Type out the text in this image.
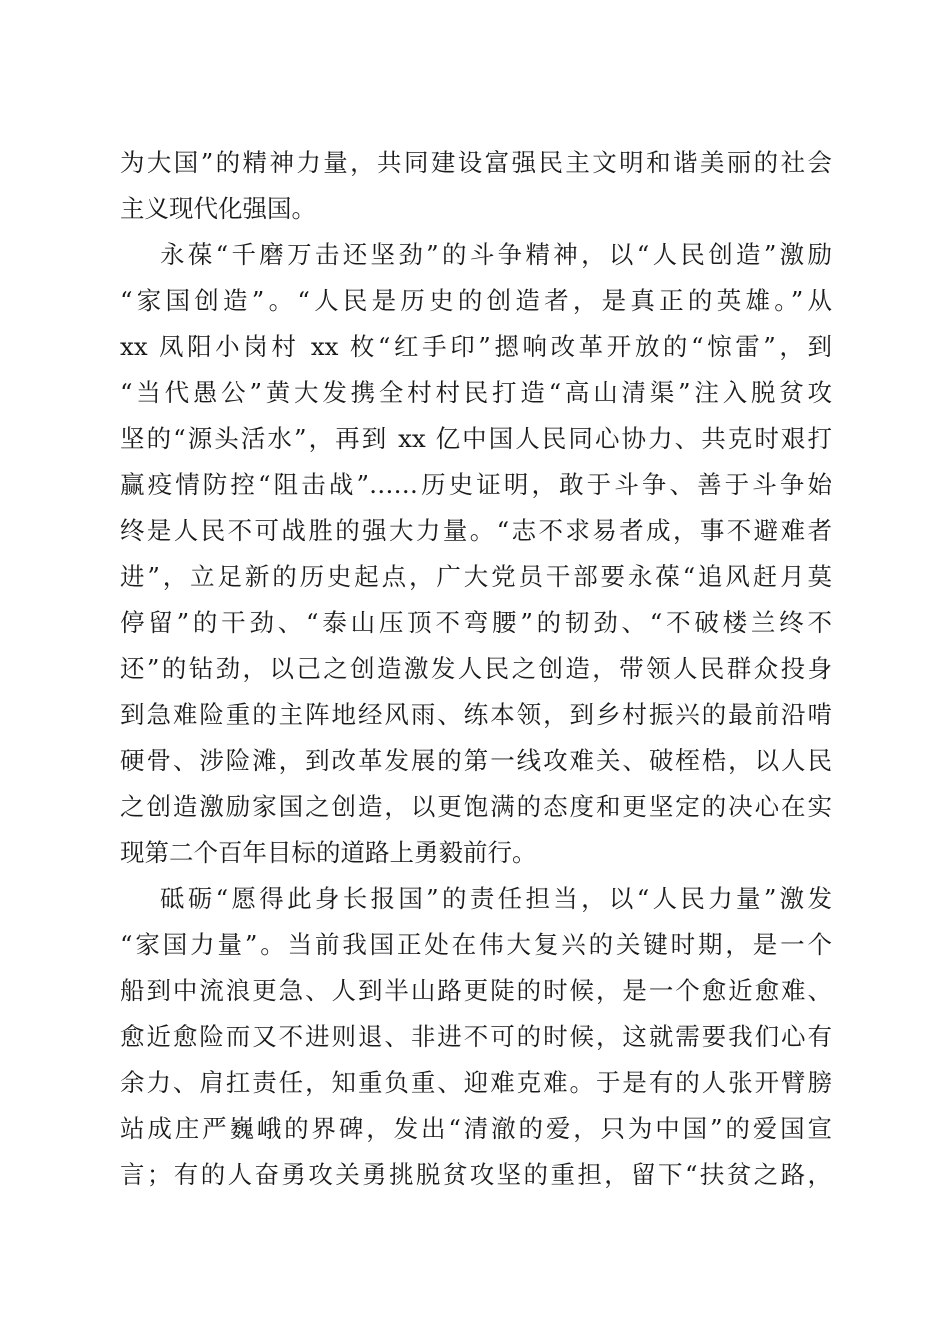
为大国”的精神力量，共同建设富强民主文明和谐美丽的社会
主义现代化强国。
永葆“千磨万击还坚劲”的斗争精神，以“人民创造”激励
“家国创造”。“人民是历史的创造者，是真正的英雄。”从
xx 凤阳小岗村 xx 枚“红手印”摁响改革开放的“惊雷”，到
“当代愚公”黄大发携全村村民打造“高山清渠”注入脱贫攻
坚的“源头活水”，再到 xx 亿中国人民同心协力、共克时艰打
赢疫情防控“阻击战”……历史证明，敢于斗争、善于斗争始
终是人民不可战胜的强大力量。“志不求易者成，事不避难者
进”，立足新的历史起点，广大党员干部要永葆“追风赶月莫
停留”的干劲、“泰山压顶不弯腰”的韧劲、“不破楼兰终不
还”的钻劲，以己之创造激发人民之创造，带领人民群众投身
到急难险重的主阵地经风雨、练本领，到乡村振兴的最前沿啃
硬骨、涉险滩，到改革发展的第一线攻难关、破桎梏，以人民
之创造激励家国之创造，以更饱满的态度和更坚定的决心在实
现第二个百年目标的道路上勇毅前行。
砥砺“愿得此身长报国”的责任担当，以“人民力量”激发
“家国力量”。当前我国正处在伟大复兴的关键时期，是一个
船到中流浪更急、人到半山路更陡的时候，是一个愈近愈难、
愈近愈险而又不进则退、非进不可的时候，这就需要我们心有
余力、肩扛责任，知重负重、迎难克难。于是有的人张开臂膀
站成庄严巍峨的界碑，发出“清澈的爱，只为中国”的爱国宣
言；有的人奋勇攻关勇挑脱贫攻坚的重担，留下“扶贫之路，
